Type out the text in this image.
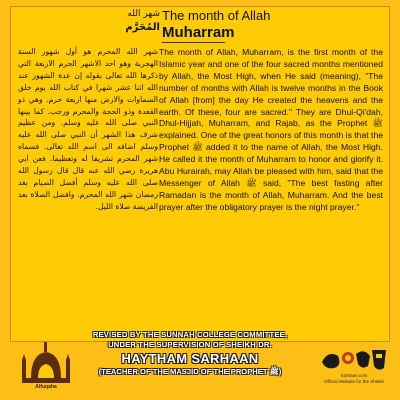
شهر الله
المُحَرَّم
The month of Allah
Muharram
شهر الله المحرم هو أول شهور السنة الهجرية وهو احد الاشهر الحرم الاربعة التي ذكرها الله تعالى بقوله إن عدة الشهور عند الله اثنا عشر شهرا في كتاب الله يوم خلق السماوات والارض منها اربعة حرم. وهي ذو القعدة وذو الحجة والمحرم ورجب. كما بينها النبي صلى الله عليه وسلم. ومن عظيم شرف هذا الشهر أن النبي صلى الله عليه وسلم اضافه الى اسم الله تعالى. فسماه شهر المحرم تشريفا له وتعظيما. فعن ابي هريرة رضي الله عنه قال قال رسول الله صلى الله عليه وسلم أفضل الصيام بعد رمضان شهر الله المحرم. وافضل الصلاة بعد الفريضة صلاة الليل.
The month of Allah, Muharram, is the first month of the Islamic year and one of the four sacred months mentioned by Allah, the Most High, when He said (meaning), "The number of months with Allah is twelve months in the Book of Allah [from] the day He created the heavens and the earth. Of these, four are sacred." They are Dhul-Qi'dah, Dhul-Hijjah, Muharram, and Rajab, as the Prophet ﷺ explained. One of the great honors of this month is that the Prophet ﷺ added it to the name of Allah, the Most High. He called it the month of Muharram to honor and glorify it. Abu Hurairah, may Allah be pleased with him, said that the Messenger of Allah ﷺ said, "The best fasting after Ramadan is the month of Allah, Muharram. And the best prayer after the obligatory prayer is the night prayer."
REVISED BY THE SUNNAH COLLEGE COMMITTEE,
UNDER THE SUPERVISION OF SHEIKH DR.
HAYTHAM SARHAAN
(TEACHER OF THE MASJID OF THE PROPHET ﷺ)
Alfuqaha
Sarhaan.com
Official Website for the Sheikh
